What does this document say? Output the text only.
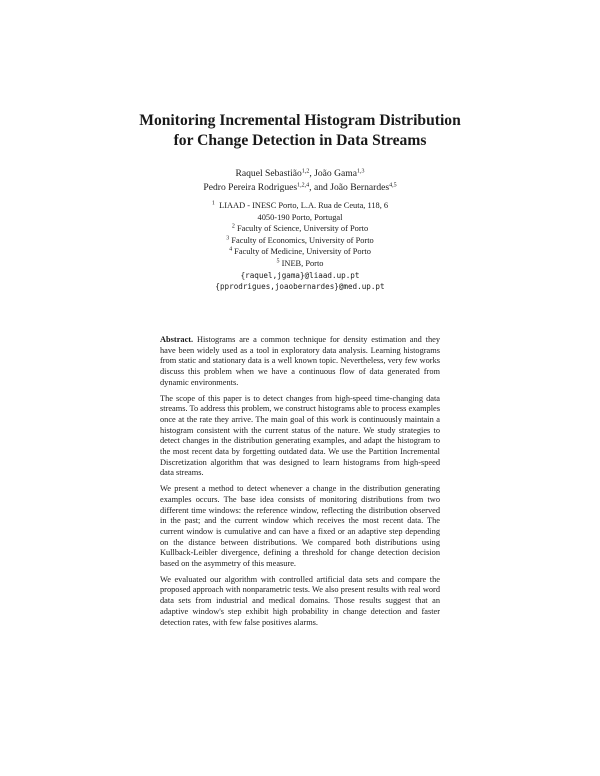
Monitoring Incremental Histogram Distribution
for Change Detection in Data Streams
Raquel Sebastião$^{1,2}$, João Gama$^{1,3}$
Pedro Pereira Rodrigues$^{1,2,4}$, and João Bernardes$^{4,5}$
$^1$ LIAAD - INESC Porto, L.A. Rua de Ceuta, 118, 6
4050-190 Porto, Portugal
$^2$ Faculty of Science, University of Porto
$^3$ Faculty of Economics, University of Porto
$^4$ Faculty of Medicine, University of Porto
$^5$ INEB, Porto
{raquel,jgama}@liaad.up.pt
{pprodrigues,joaobernardes}@med.up.pt

Abstract. Histograms are a common technique for density estimation and they have been widely used as a tool in exploratory data analysis. Learning histograms from static and stationary data is a well known topic. Nevertheless, very few works discuss this problem when we have a continuous flow of data generated from dynamic environments.

The scope of this paper is to detect changes from high-speed time-changing data streams. To address this problem, we construct histograms able to process examples once at the rate they arrive. The main goal of this work is continuously maintain a histogram consistent with the current status of the nature. We study strategies to detect changes in the distribution generating examples, and adapt the histogram to the most recent data by forgetting outdated data. We use the Partition Incremental Discretization algorithm that was designed to learn histograms from high-speed data streams.

We present a method to detect whenever a change in the distribution generating examples occurs. The base idea consists of monitoring distributions from two different time windows: the reference window, reflecting the distribution observed in the past; and the current window which receives the most recent data. The current window is cumulative and can have a fixed or an adaptive step depending on the distance between distributions. We compared both distributions using Kullback-Leibler divergence, defining a threshold for change detection decision based on the asymmetry of this measure.

We evaluated our algorithm with controlled artificial data sets and compare the proposed approach with nonparametric tests. We also present results with real word data sets from industrial and medical domains. Those results suggest that an adaptive window's step exhibit high probability in change detection and faster detection rates, with few false positives alarms.
